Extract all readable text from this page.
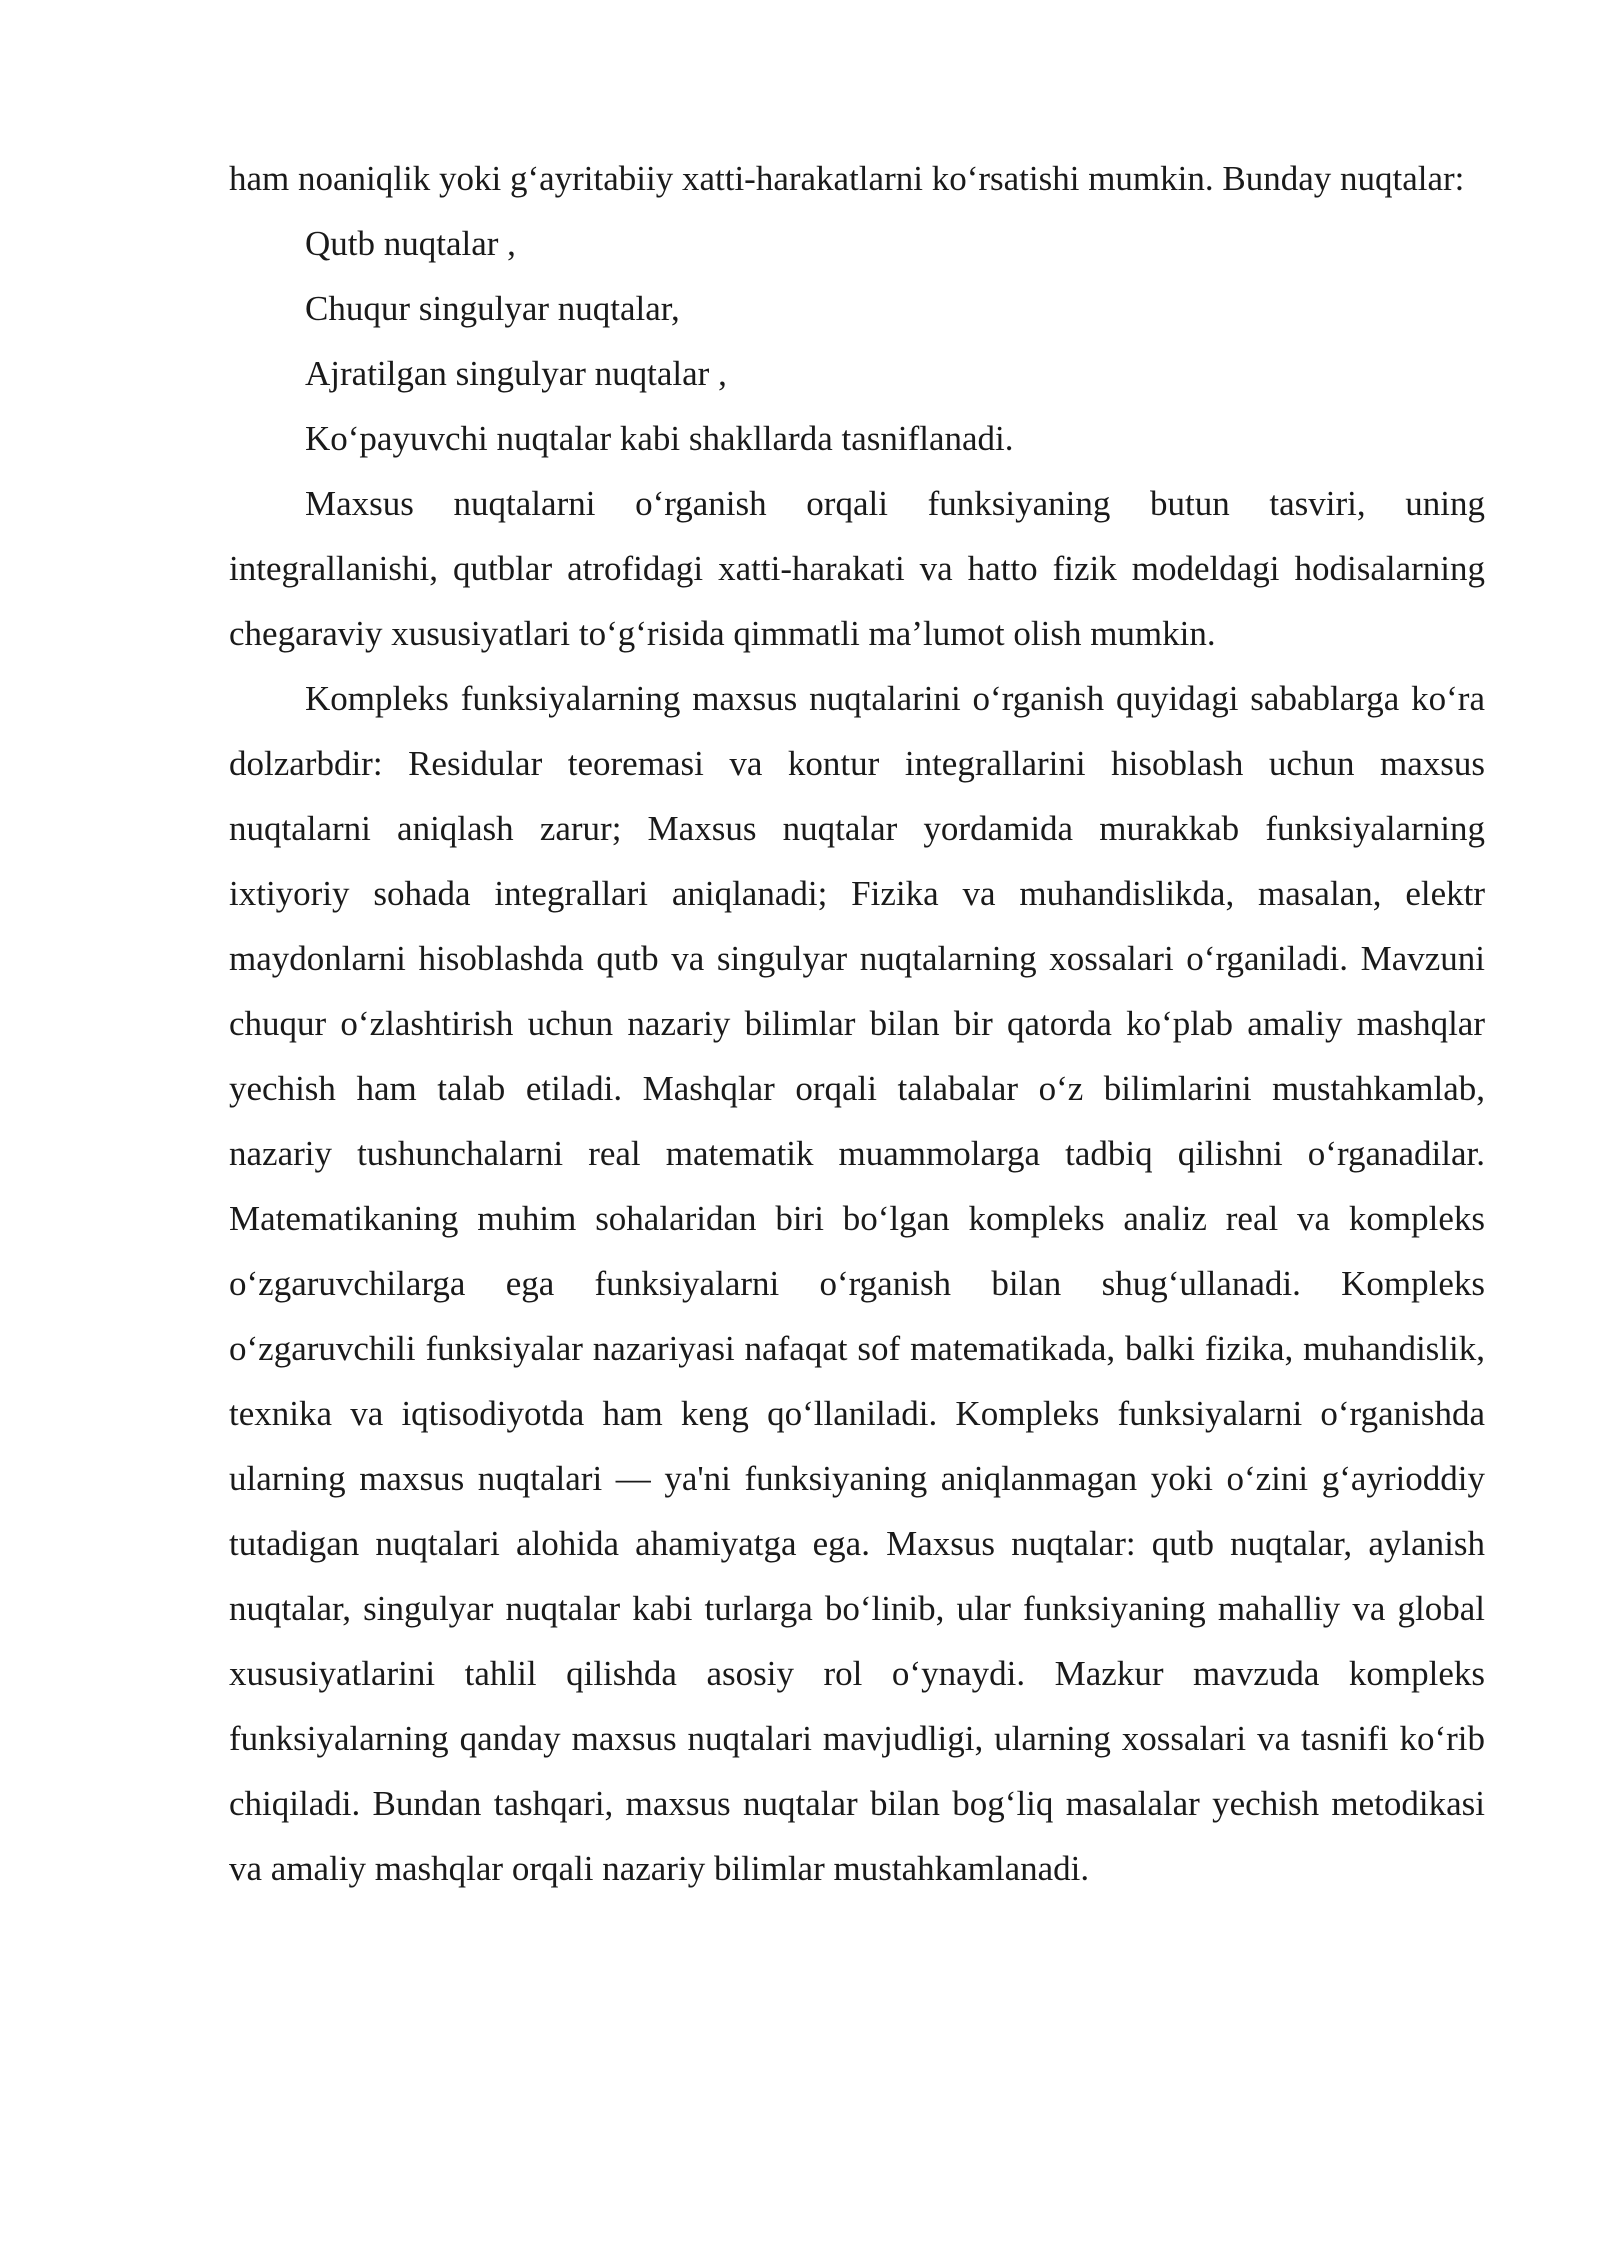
ham noaniqlik yoki g‘ayritabiiy xatti-harakatlarni ko‘rsatishi mumkin. Bunday nuqtalar:

Qutb nuqtalar ,

Chuqur singulyar nuqtalar,

Ajratilgan singulyar nuqtalar ,

Ko‘payuvchi nuqtalar kabi shakllarda tasniflanadi.

Maxsus nuqtalarni o‘rganish orqali funksiyaning butun tasviri, uning integrallanishi, qutblar atrofidagi xatti-harakati va hatto fizik modeldagi hodisalarning chegaraviy xususiyatlari to‘g‘risida qimmatli ma’lumot olish mumkin.

Kompleks funksiyalarning maxsus nuqtalarini o‘rganish quyidagi sabablarga ko‘ra dolzarbdir: Residular teoremasi va kontur integrallarini hisoblash uchun maxsus nuqtalarni aniqlash zarur; Maxsus nuqtalar yordamida murakkab funksiyalarning ixtiyoriy sohada integrallari aniqlanadi; Fizika va muhandislikda, masalan, elektr maydonlarni hisoblashda qutb va singulyar nuqtalarning xossalari o‘rganiladi. Mavzuni chuqur o‘zlashtirish uchun nazariy bilimlar bilan bir qatorda ko‘plab amaliy mashqlar yechish ham talab etiladi. Mashqlar orqali talabalar o‘z bilimlarini mustahkamlab, nazariy tushunchalarni real matematik muammolarga tadbiq qilishni o‘rganadilar. Matematikaning muhim sohalaridan biri bo‘lgan kompleks analiz real va kompleks o‘zgaruvchilarga ega funksiyalarni o‘rganish bilan shug‘ullanadi. Kompleks o‘zgaruvchili funksiyalar nazariyasi nafaqat sof matematikada, balki fizika, muhandislik, texnika va iqtisodiyotda ham keng qo‘llaniladi. Kompleks funksiyalarni o‘rganishda ularning maxsus nuqtalari — ya'ni funksiyaning aniqlanmagan yoki o‘zini g‘ayrioddiy tutadigan nuqtalari alohida ahamiyatga ega. Maxsus nuqtalar: qutb nuqtalar, aylanish nuqtalar, singulyar nuqtalar kabi turlarga bo‘linib, ular funksiyaning mahalliy va global xususiyatlarini tahlil qilishda asosiy rol o‘ynaydi. Mazkur mavzuda kompleks funksiyalarning qanday maxsus nuqtalari mavjudligi, ularning xossalari va tasnifi ko‘rib chiqiladi. Bundan tashqari, maxsus nuqtalar bilan bog‘liq masalalar yechish metodikasi va amaliy mashqlar orqali nazariy bilimlar mustahkamlanadi.
